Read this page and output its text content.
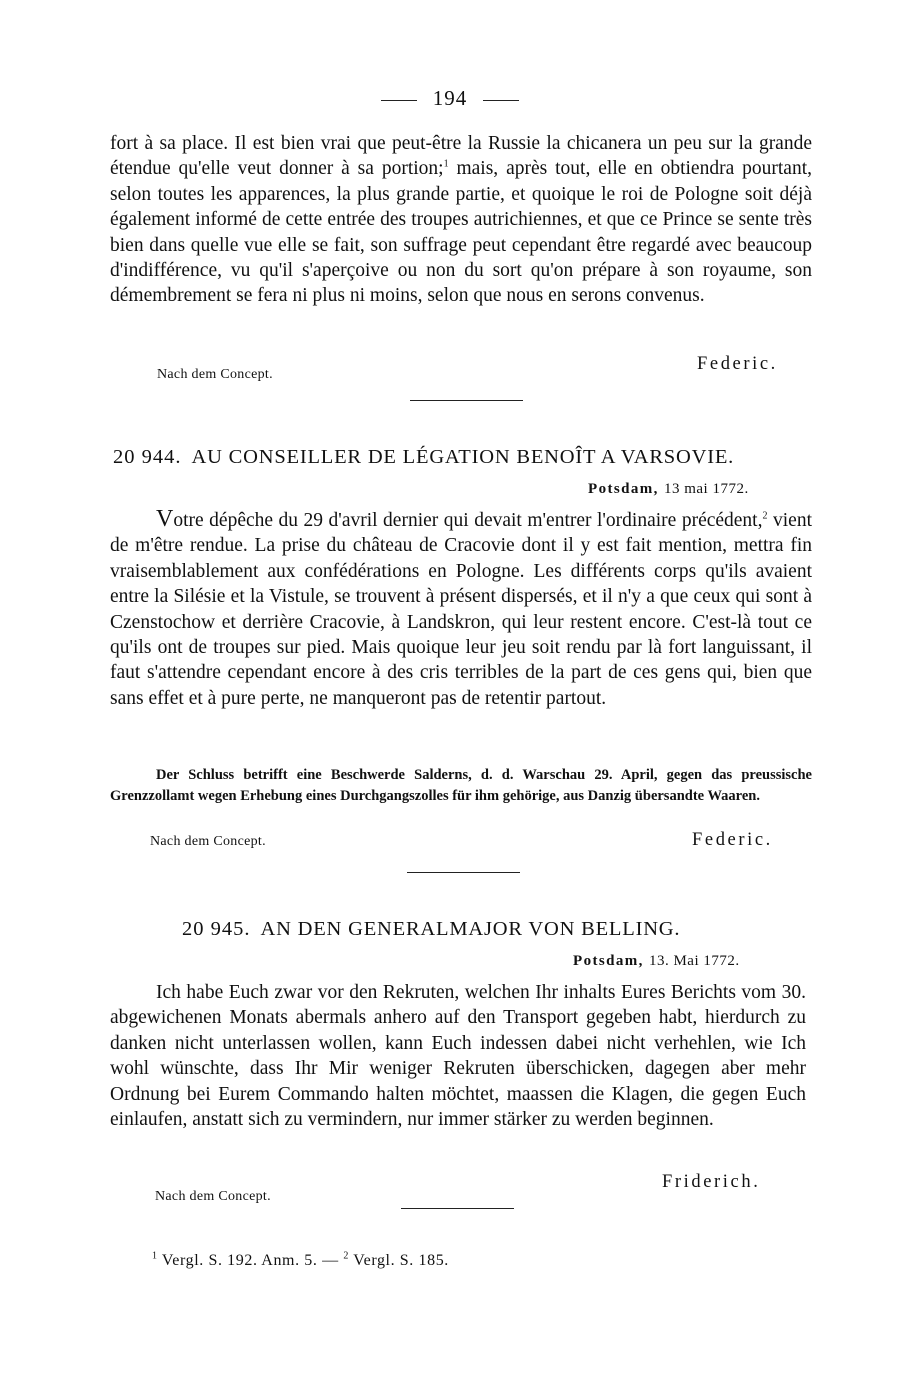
194
fort à sa place. Il est bien vrai que peut-être la Russie la chicanera un peu sur la grande étendue qu'elle veut donner à sa portion;$^1$ mais, après tout, elle en obtiendra pourtant, selon toutes les apparences, la plus grande partie, et quoique le roi de Pologne soit déjà également informé de cette entrée des troupes autrichiennes, et que ce Prince se sente très bien dans quelle vue elle se fait, son suffrage peut cependant être regardé avec beaucoup d'indifférence, vu qu'il s'aperçoive ou non du sort qu'on prépare à son royaume, son démembrement se fera ni plus ni moins, selon que nous en serons convenus.
Federic.
Nach dem Concept.
20 944. AU CONSEILLER DE LÉGATION BENOÎT A VARSOVIE.
Potsdam, 13 mai 1772.
Votre dépêche du 29 d'avril dernier qui devait m'entrer l'ordinaire précédent,$^2$ vient de m'être rendue. La prise du château de Cracovie dont il y est fait mention, mettra fin vraisemblablement aux confédérations en Pologne. Les différents corps qu'ils avaient entre la Silésie et la Vistule, se trouvent à présent dispersés, et il n'y a que ceux qui sont à Czenstochow et derrière Cracovie, à Landskron, qui leur restent encore. C'est-là tout ce qu'ils ont de troupes sur pied. Mais quoique leur jeu soit rendu par là fort languissant, il faut s'attendre cependant encore à des cris terribles de la part de ces gens qui, bien que sans effet et à pure perte, ne manqueront pas de retentir partout.
Der Schluss betrifft eine Beschwerde Salderns, d. d. Warschau 29. April, gegen das preussische Grenzzollamt wegen Erhebung eines Durchgangszolles für ihm gehörige, aus Danzig übersandte Waaren.
Nach dem Concept.	Federic.
20 945. AN DEN GENERALMAJOR VON BELLING.
Potsdam, 13. Mai 1772.
Ich habe Euch zwar vor den Rekruten, welchen Ihr inhalts Eures Berichts vom 30. abgewichenen Monats abermals anhero auf den Transport gegeben habt, hierdurch zu danken nicht unterlassen wollen, kann Euch indessen dabei nicht verhehlen, wie Ich wohl wünschte, dass Ihr Mir weniger Rekruten überschicken, dagegen aber mehr Ordnung bei Eurem Commando halten möchtet, maassen die Klagen, die gegen Euch einlaufen, anstatt sich zu vermindern, nur immer stärker zu werden beginnen.
Friderich.
Nach dem Concept.
$^1$ Vergl. S. 192. Anm. 5. — $^2$ Vergl. S. 185.
